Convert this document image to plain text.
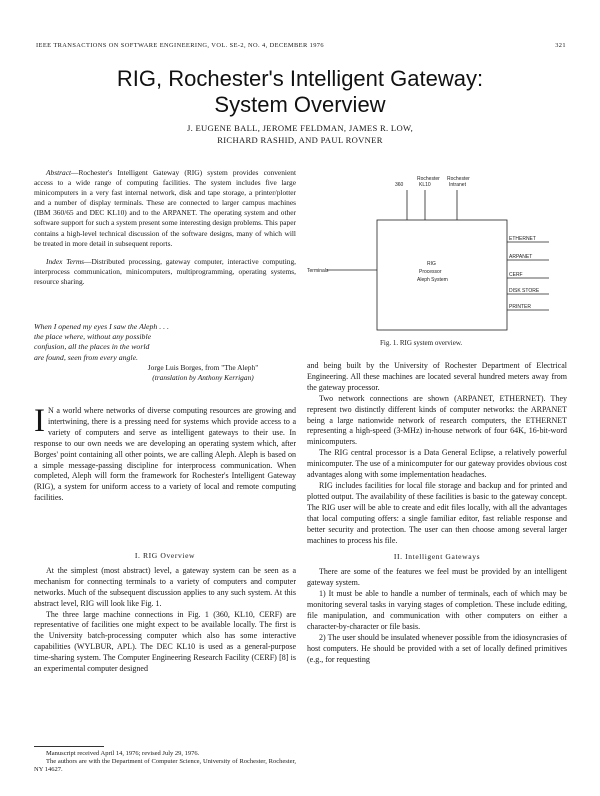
IEEE TRANSACTIONS ON SOFTWARE ENGINEERING, VOL. SE-2, NO. 4, DECEMBER 1976	321
RIG, Rochester's Intelligent Gateway:
System Overview
J. EUGENE BALL, JEROME FELDMAN, JAMES R. LOW,
RICHARD RASHID, AND PAUL ROVNER

Abstract—Rochester's Intelligent Gateway (RIG) system provides convenient access to a wide range of computing facilities. The system includes five large minicomputers in a very fast internal network, disk and tape storage, a printer/plotter and a number of display terminals. These are connected to larger campus machines (IBM 360/65 and DEC KL10) and to the ARPANET. The operating system and other software support for such a system present some interesting design problems. This paper contains a high-level technical discussion of the software designs, many of which will be treated in more detail in subsequent reports.

Index Terms—Distributed processing, gateway computer, interactive computing, interprocess communication, minicomputers, multiprogramming, operating systems, resource sharing.

When I opened my eyes I saw the Aleph . . .
the place where, without any possible
confusion, all the places in the world
are found, seen from every angle.
Jorge Luis Borges, from "The Aleph"
(translation by Anthony Kerrigan)
I N a world where networks of diverse computing resources are growing and intertwining, there is a pressing need for systems which provide access to a variety of computers and serve as intelligent gateways to their use. In response to our own needs we are developing an operating system which, after Borges' point containing all other points, we are calling Aleph. Aleph is based on a simple message-passing discipline for interprocess communication. When completed, Aleph will form the framework for Rochester's Intelligent Gateway (RIG), a system for uniform access to a variety of local and remote computing facilities.
I. RIG Overview

At the simplest (most abstract) level, a gateway system can be seen as a mechanism for connecting terminals to a variety of computers and computer networks. Much of the subsequent discussion applies to any such system. At this abstract level, RIG will look like Fig. 1.

The three large machine connections in Fig. 1 (360, KL10, CERF) are representative of facilities one might expect to be available locally. The first is the University batch-processing computer which also has some interactive capabilities (WYLBUR, APL). The DEC KL10 is used as a general-purpose time-sharing system. The Computer Engineering Research Facility (CERF) [8] is an experimental computer designed

Manuscript received April 14, 1976; revised July 29, 1976.

The authors are with the Department of Computer Science, University of Rochester, Rochester, NY 14627.

360
Rochester
KL10
Rochester
Intranet
Terminals
RIG
Processor
Aleph System
ETHERNET
ARPANET
CERF
DISK STORE
PRINTER
Fig. 1. RIG system overview.

and being built by the University of Rochester Department of Electrical Engineering. All these machines are located several hundred meters away from the gateway processor.

Two network connections are shown (ARPANET, ETHERNET). They represent two distinctly different kinds of computer networks: the ARPANET being a large nationwide network of research computers, the ETHERNET representing a high-speed (3-MHz) in-house network of four 64K, 16-bit-word minicomputers.

The RIG central processor is a Data General Eclipse, a relatively powerful minicomputer. The use of a minicomputer for our gateway provides obvious cost advantages along with some implementation headaches.

RIG includes facilities for local file storage and backup and for printed and plotted output. The availability of these facilities is basic to the gateway concept. The RIG user will be able to create and edit files locally, with all the advantages that local computing offers: a single familiar editor, fast reliable response and better security and protection. The user can then choose among several larger machines to process his file.

II. Intelligent Gateways

There are some of the features we feel must be provided by an intelligent gateway system.

1) It must be able to handle a number of terminals, each of which may be monitoring several tasks in varying stages of completion. These include editing, file manipulation, and communication with other computers on either a character-by-character or file basis.

2) The user should be insulated whenever possible from the idiosyncrasies of host computers. He should be provided with a set of locally defined primitives (e.g., for requesting
